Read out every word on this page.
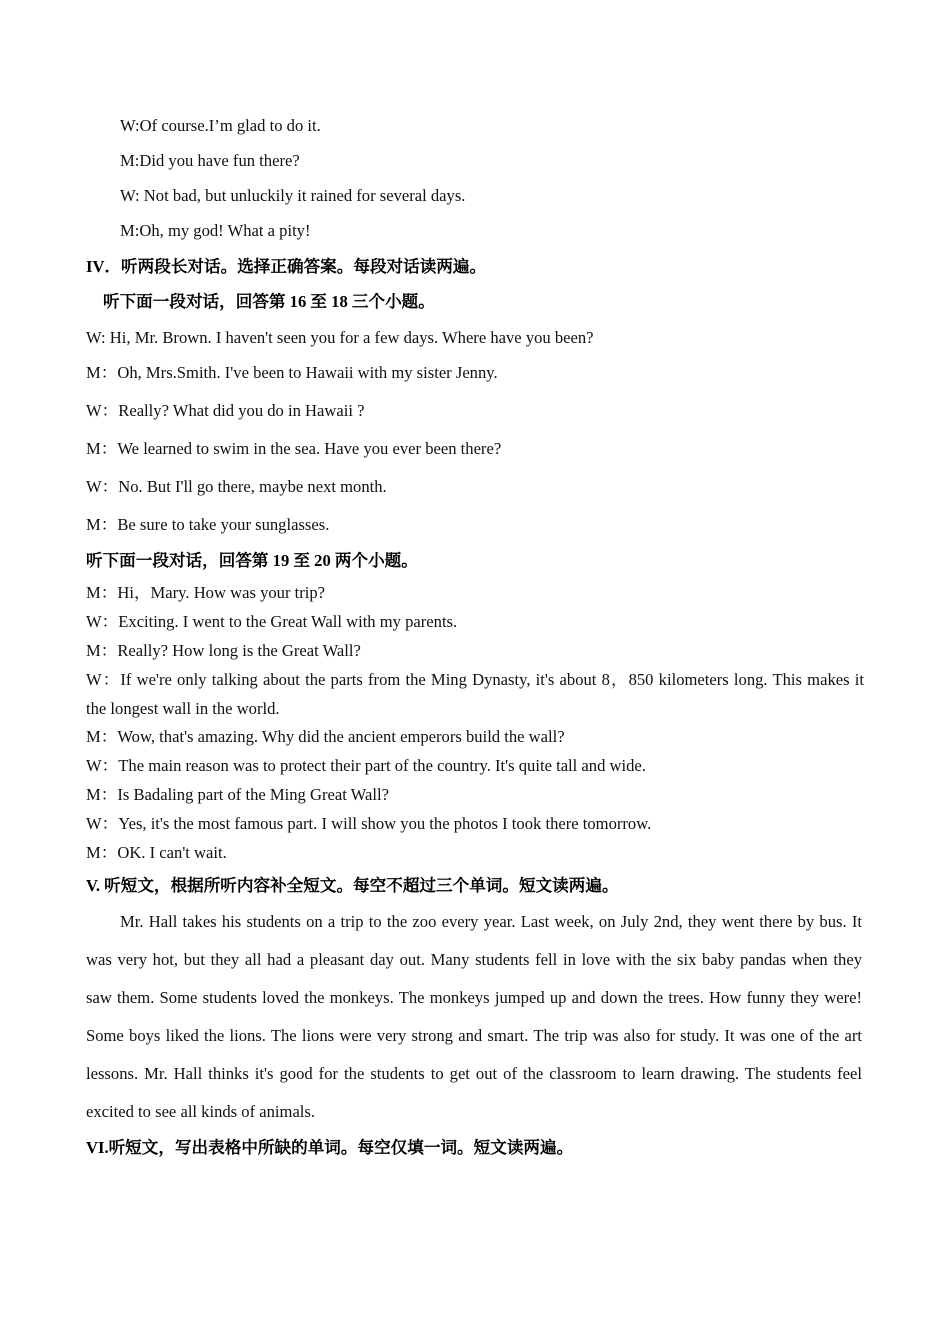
W:Of course.I’m glad to do it.
M:Did you have fun there?
W: Not bad, but unluckily it rained for several days.
M:Oh, my god! What a pity!
IV．听两段长对话。选择正确答案。每段对话读两遍。
听下面一段对话，回答第 16 至 18 三个小题。
W: Hi, Mr. Brown. I haven't seen you for a few days. Where have you been?
M：Oh, Mrs.Smith. I've been to Hawaii with my sister Jenny.
W：Really? What did you do in Hawaii ?
M：We learned to swim in the sea. Have you ever been there?
W：No. But I'll go there, maybe next month.
M：Be sure to take your sunglasses.
听下面一段对话，回答第 19 至 20 两个小题。
M：Hi，Mary. How was your trip?
W：Exciting. I went to the Great Wall with my parents.
M：Really? How long is the Great Wall?
W：If we're only talking about the parts from the Ming Dynasty, it's about 8，850 kilometers long. This makes it
the longest wall in the world.
M：Wow, that's amazing. Why did the ancient emperors build the wall?
W：The main reason was to protect their part of the country. It's quite tall and wide.
M：Is Badaling part of the Ming Great Wall?
W：Yes, it's the most famous part. I will show you the photos I took there tomorrow.
M：OK. I can't wait.
V. 听短文，根据所听内容补全短文。每空不超过三个单词。短文读两遍。
Mr. Hall takes his students on a trip to the zoo every year. Last week, on July 2nd, they went there by bus. It
was very hot, but they all had a pleasant day out. Many students fell in love with the six baby pandas when they
saw them. Some students loved the monkeys. The monkeys jumped up and down the trees. How funny they were!
Some boys liked the lions. The lions were very strong and smart. The trip was also for study. It was one of the art
lessons. Mr. Hall thinks it's good for the students to get out of the classroom to learn drawing. The students feel
excited to see all kinds of animals.
VI.听短文，写出表格中所缺的单词。每空仅填一词。短文读两遍。
